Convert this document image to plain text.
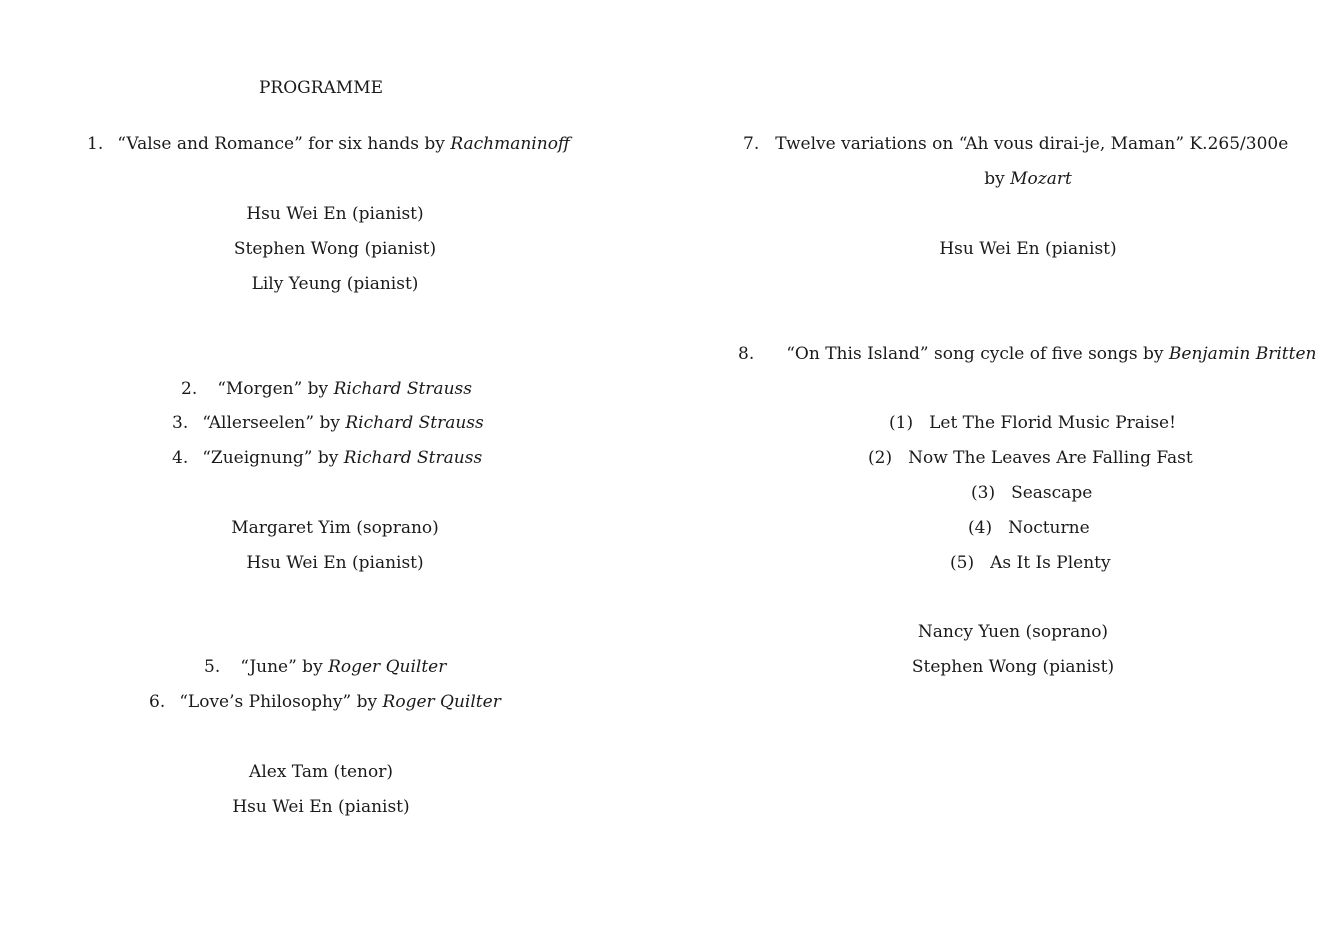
PROGRAMME
1. “Valse and Romance” for six hands by Rachmaninoff
Hsu Wei En (pianist)
Stephen Wong (pianist)
Lily Yeung (pianist)
2. “Morgen” by Richard Strauss
3. “Allerseelen” by Richard Strauss
4. “Zueignung” by Richard Strauss
Margaret Yim (soprano)
Hsu Wei En (pianist)
5. “June” by Roger Quilter
6. “Love’s Philosophy” by Roger Quilter
Alex Tam (tenor)
Hsu Wei En (pianist)
7. Twelve variations on “Ah vous dirai-je, Maman” K.265/300e
by Mozart
Hsu Wei En (pianist)
8. “On This Island” song cycle of five songs by Benjamin Britten
(1) Let The Florid Music Praise!
(2) Now The Leaves Are Falling Fast
(3) Seascape
(4) Nocturne
(5) As It Is Plenty
Nancy Yuen (soprano)
Stephen Wong (pianist)
